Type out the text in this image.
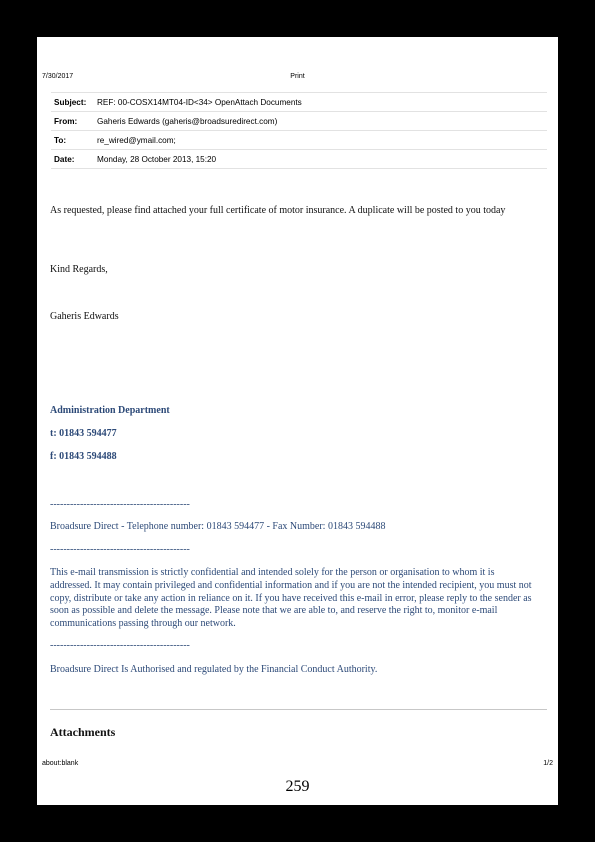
7/30/2017	Print
Subject:	REF: 00-COSX14MT04-ID<34> OpenAttach Documents
From:	Gaheris Edwards (gaheris@broadsuredirect.com)
To:	re_wired@ymail.com;
Date:	Monday, 28 October 2013, 15:20
As requested, please find attached your full certificate of motor insurance. A duplicate will be posted to you today
Kind Regards,
Gaheris Edwards
Administration Department
t: 01843 594477
f: 01843 594488
------------------------------------------
Broadsure Direct - Telephone number: 01843 594477 - Fax Number: 01843 594488
------------------------------------------
This e-mail transmission is strictly confidential and intended solely for the person or organisation to whom it is addressed. It may contain privileged and confidential information and if you are not the intended recipient, you must not copy, distribute or take any action in reliance on it. If you have received this e-mail in error, please reply to the sender as soon as possible and delete the message. Please note that we are able to, and reserve the right to, monitor e-mail communications passing through our network.
------------------------------------------
Broadsure Direct Is Authorised and regulated by the Financial Conduct Authority.
Attachments
about:blank	1/2
259
